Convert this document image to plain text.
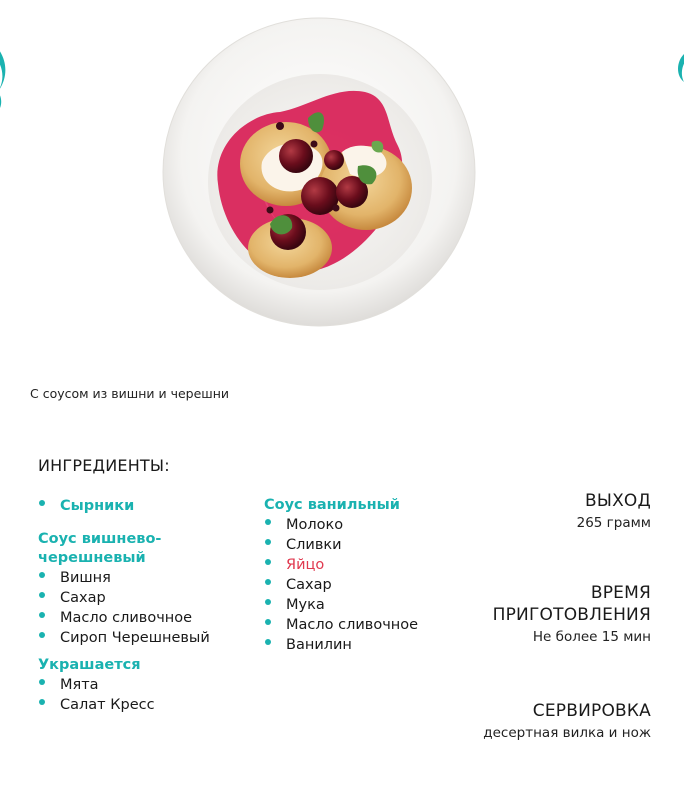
С соусом из вишни и черешни
ИНГРЕДИЕНТЫ:
Сырники
Соус вишнево-черешневый
Вишня
Сахар
Масло сливочное
Сироп Черешневый
Украшается
Мята
Салат Кресс
Соус ванильный
Молоко
Сливки
Яйцо
Сахар
Мука
Масло сливочное
Ванилин
ВЫХОД
265 грамм
ВРЕМЯ ПРИГОТОВЛЕНИЯ
Не более 15 мин
СЕРВИРОВКА
десертная вилка и нож
